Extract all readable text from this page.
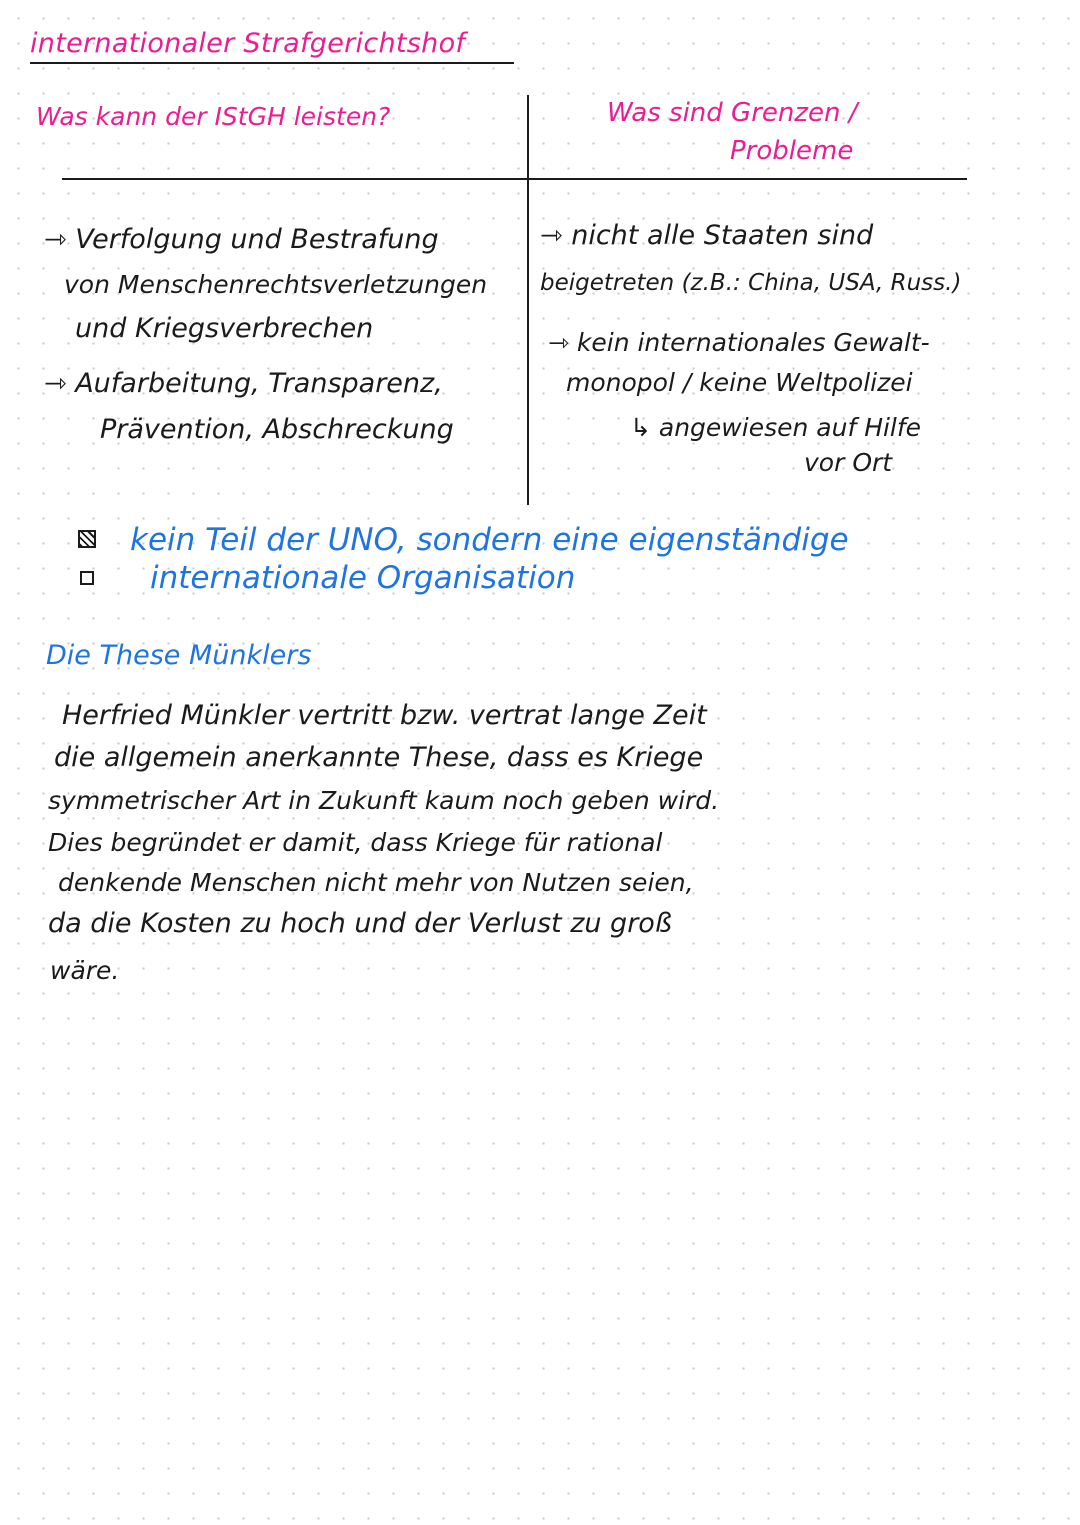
internationaler Strafgerichtshof
Was kann der IStGH leisten?	Was sind Grenzen /
Probleme
⇾ Verfolgung und Bestrafung
von Menschenrechtsverletzungen
und Kriegsverbrechen
⇾ Aufarbeitung, Transparenz,
Prävention, Abschreckung
⇾ nicht alle Staaten sind
beigetreten (z.B.: China, USA, Russ.)
⇾ kein internationales Gewalt-
monopol / keine Weltpolizei
↳ angewiesen auf Hilfe
vor Ort
kein Teil der UNO, sondern eine eigenständige
internationale Organisation
Die These Münklers
Herfried Münkler vertritt bzw. vertrat lange Zeit
die allgemein anerkannte These, dass es Kriege
symmetrischer Art in Zukunft kaum noch geben wird.
Dies begründet er damit, dass Kriege für rational
denkende Menschen nicht mehr von Nutzen seien,
da die Kosten zu hoch und der Verlust zu groß
wäre.
